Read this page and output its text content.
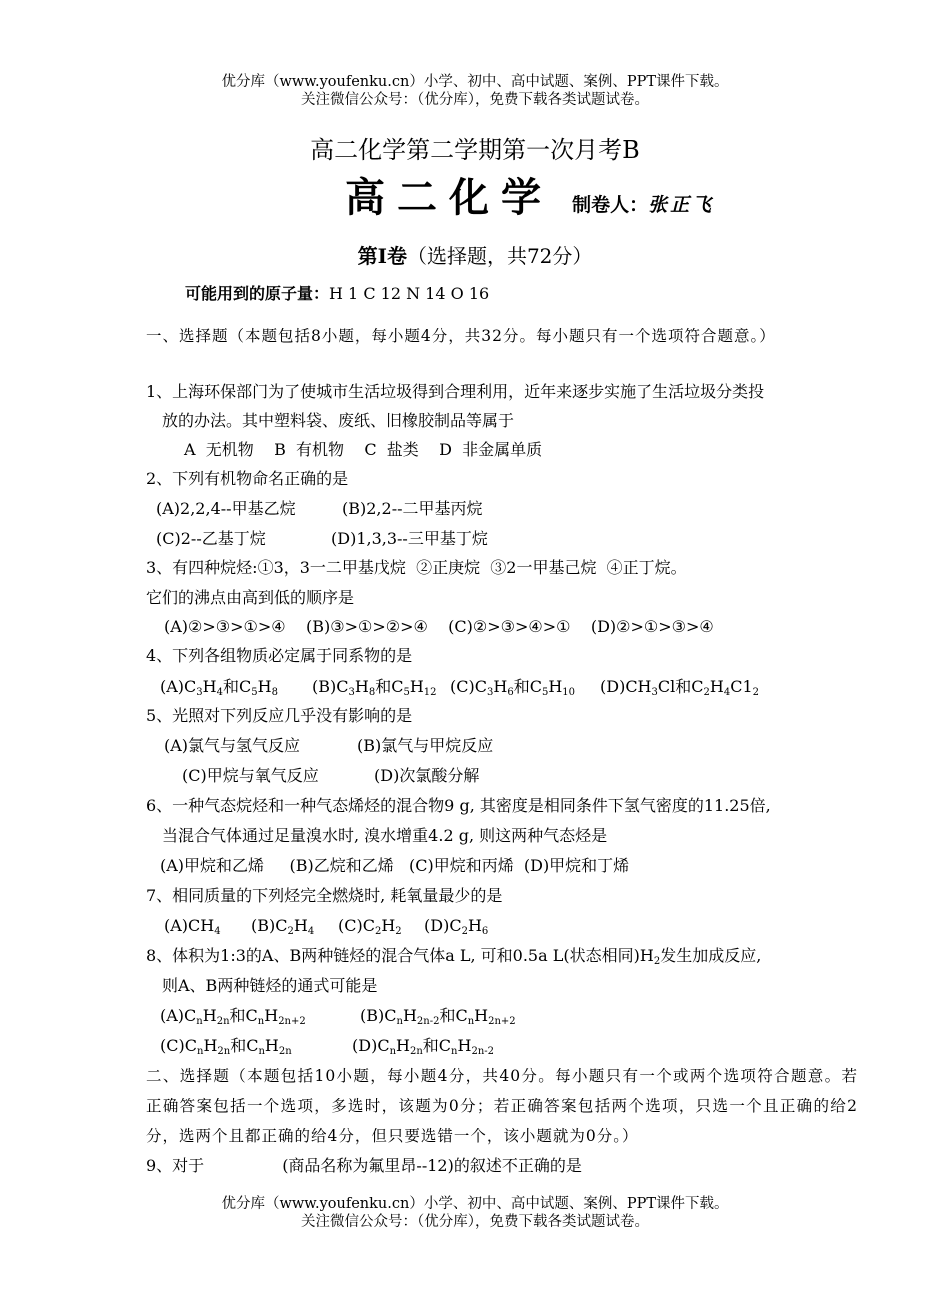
优分库（www.youfenku.cn）小学、初中、高中试题、案例、PPT课件下载。
关注微信公众号：（优分库），免费下载各类试题试卷。
高二化学第二学期第一次月考B
高二化学 制卷人：张正飞
第Ⅰ卷（选择题，共72分）
可能用到的原子量：H 1 C 12 N 14 O 16
一、选择题（本题包括8小题，每小题4分，共32分。每小题只有一个选项符合题意。）
1、上海环保部门为了使城市生活垃圾得到合理利用，近年来逐步实施了生活垃圾分类投
放的办法。其中塑料袋、废纸、旧橡胶制品等属于
A  无机物    B  有机物    C  盐类    D  非金属单质
2、下列有机物命名正确的是
(A)2,2,4--甲基乙烷	(B)2,2--二甲基丙烷
(C)2--乙基丁烷	(D)1,3,3--三甲基丁烷
3、有四种烷烃:①3，3一二甲基戊烷  ②正庚烷  ③2一甲基己烷  ④正丁烷。
它们的沸点由高到低的顺序是
(A)②>③>①>④    (B)③>①>②>④    (C)②>③>④>①    (D)②>①>③>④
4、下列各组物质必定属于同系物的是
$(A)C_3H_4$和$C_5H_8$ $(B)C_3H_8$和$C_5H_{12}$ $(C)C_3H_6$和$C_5H_{10}$ $(D)CH_3Cl$和$C_2H_4C1_2$
5、光照对下列反应几乎没有影响的是
(A)氯气与氢气反应	(B)氯气与甲烷反应
(C)甲烷与氧气反应	(D)次氯酸分解
6、一种气态烷烃和一种气态烯烃的混合物9 g, 其密度是相同条件下氢气密度的11.25倍,
当混合气体通过足量溴水时, 溴水增重4.2 g, 则这两种气态烃是
(A)甲烷和乙烯     (B)乙烷和乙烯   (C)甲烷和丙烯  (D)甲烷和丁烯
7、相同质量的下列烃完全燃烧时, 耗氧量最少的是
$(A)CH_4$ $(B)C_2H_4$ $(C)C_2H_2$ $(D)C_2H_6$
8、体积为1:3的A、B两种链烃的混合气体a L, 可和0.5a L(状态相同)$H_2$发生加成反应,
则A、B两种链烃的通式可能是
$(A)C_nH_{2n}$和$C_nH_{2n+2}$	$(B)C_nH_{2n-2}$和$C_nH_{2n+2}$
$(C)C_nH_{2n}$和$C_nH_{2n}$	$(D)C_nH_{2n}$和$C_nH_{2n-2}$
二、选择题（本题包括10小题，每小题4分，共40分。每小题只有一个或两个选项符合题意。若正确答案包括一个选项，多选时，该题为0分；若正确答案包括两个选项，只选一个且正确的给2分，选两个且都正确的给4分，但只要选错一个，该小题就为0分。）
9、对于	(商品名称为氟里昂--12)的叙述不正确的是
优分库（www.youfenku.cn）小学、初中、高中试题、案例、PPT课件下载。
关注微信公众号：（优分库），免费下载各类试题试卷。
